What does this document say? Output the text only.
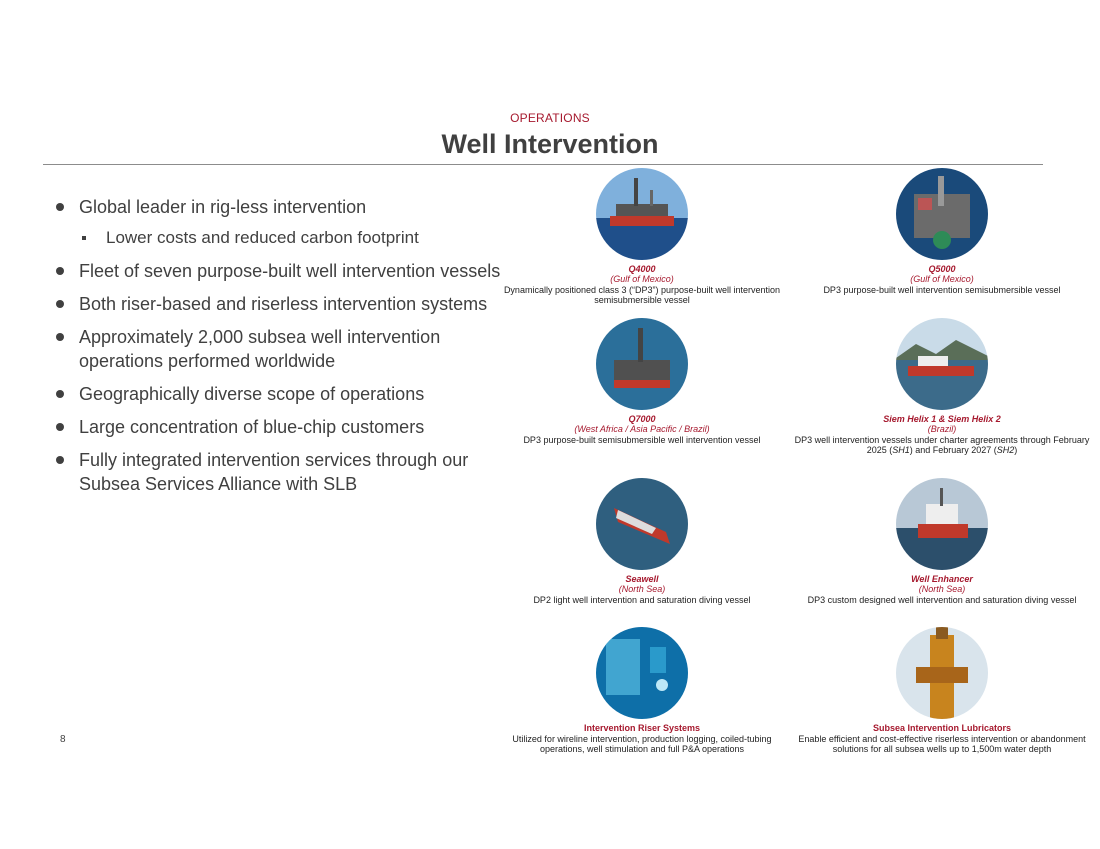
OPERATIONS
Well Intervention
Global leader in rig-less intervention
Lower costs and reduced carbon footprint
Fleet of seven purpose-built well intervention vessels
Both riser-based and riserless intervention systems
Approximately 2,000 subsea well intervention operations performed worldwide
Geographically diverse scope of operations
Large concentration of blue-chip customers
Fully integrated intervention services through our Subsea Services Alliance with SLB
Q4000
(Gulf of Mexico)
Dynamically positioned class 3 (“DP3”) purpose-built well intervention semisubmersible vessel
Q5000
(Gulf of Mexico)
DP3 purpose-built well intervention semisubmersible vessel
Q7000
(West Africa / Asia Pacific / Brazil)
DP3 purpose-built semisubmersible well intervention vessel
Siem Helix 1 & Siem Helix 2
(Brazil)
DP3 well intervention vessels under charter agreements through February 2025 (SH1) and February 2027 (SH2)
Seawell
(North Sea)
DP2 light well intervention and saturation diving vessel
Well Enhancer
(North Sea)
DP3 custom designed well intervention and saturation diving vessel
Intervention Riser Systems
Utilized for wireline intervention, production logging, coiled-tubing operations, well stimulation and full P&A operations
Subsea Intervention Lubricators
Enable efficient and cost-effective riserless intervention or abandonment solutions for all subsea wells up to 1,500m water depth
8
